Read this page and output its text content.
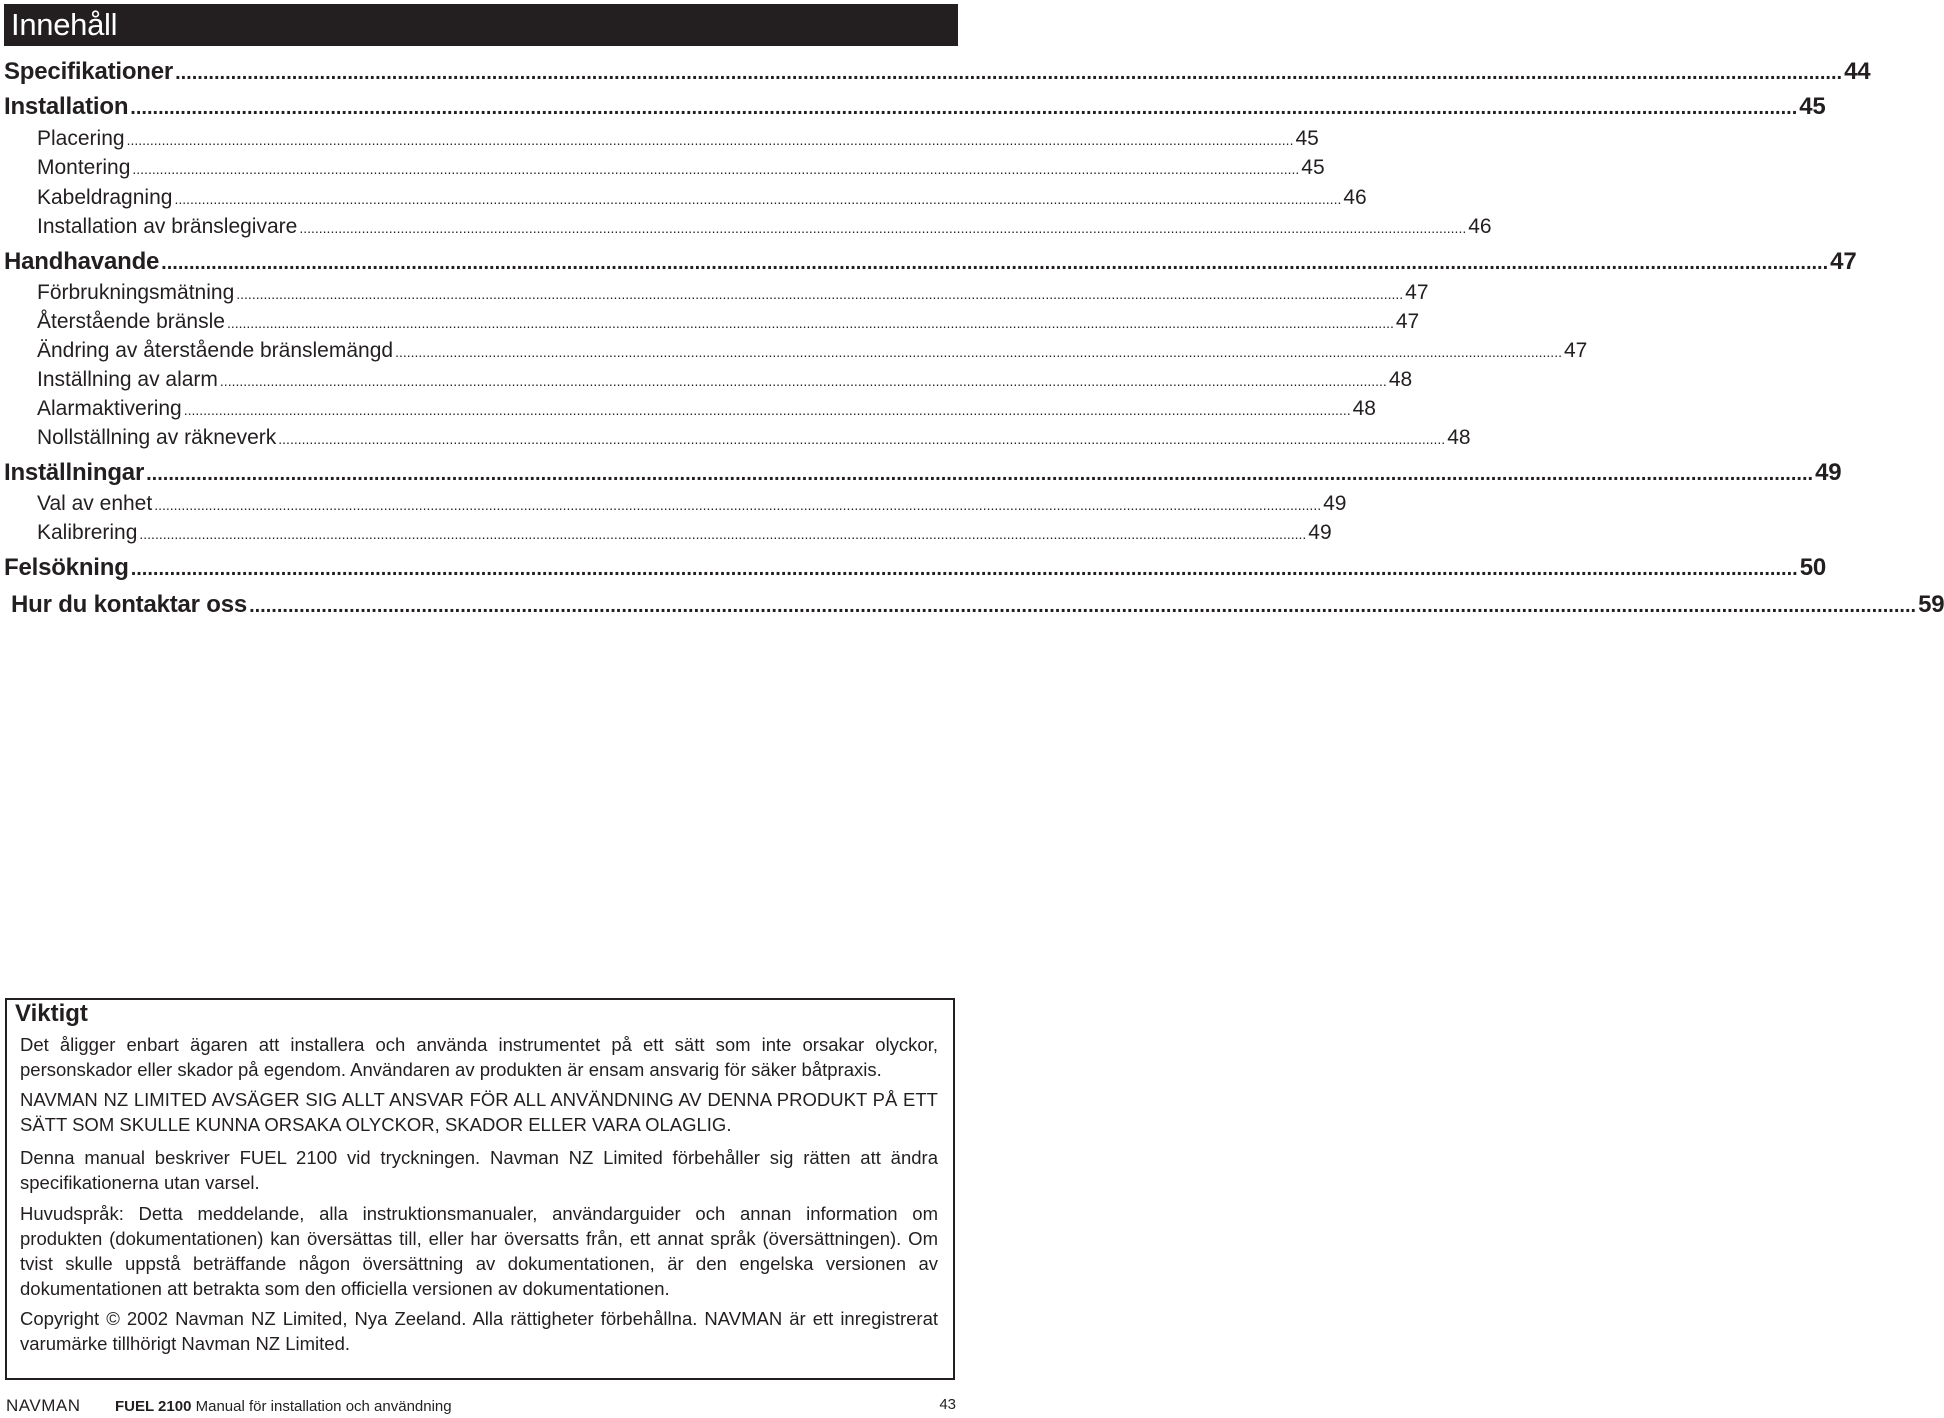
Innehåll
Specifikationer ............................................................................................................................................................................................................................................................................................................ 44
Installation ............................................................................................................................................................................................................................................................................................................ 45
Placering ............................................................................................................................................................................................................................................................................................................ 45
Montering ............................................................................................................................................................................................................................................................................................................ 45
Kabeldragning ............................................................................................................................................................................................................................................................................................................ 46
Installation av bränslegivare ............................................................................................................................................................................................................................................................................................................ 46
Handhavande ............................................................................................................................................................................................................................................................................................................ 47
Förbrukningsmätning ............................................................................................................................................................................................................................................................................................................ 47
Återstående bränsle ............................................................................................................................................................................................................................................................................................................ 47
Ändring av återstående bränslemängd ............................................................................................................................................................................................................................................................................................................ 47
Inställning av alarm ............................................................................................................................................................................................................................................................................................................ 48
Alarmaktivering ............................................................................................................................................................................................................................................................................................................ 48
Nollställning av räkneverk ............................................................................................................................................................................................................................................................................................................ 48
Inställningar ............................................................................................................................................................................................................................................................................................................ 49
Val av enhet ............................................................................................................................................................................................................................................................................................................ 49
Kalibrering ............................................................................................................................................................................................................................................................................................................ 49
Felsökning ............................................................................................................................................................................................................................................................................................................ 50
Hur du kontaktar oss ............................................................................................................................................................................................................................................................................................................ 59
Viktigt

Det åligger enbart ägaren att installera och använda instrumentet på ett sätt som inte orsakar olyckor, personskador eller skador på egendom. Användaren av produkten är ensam ansvarig för säker båtpraxis.

NAVMAN NZ LIMITED AVSÄGER SIG ALLT ANSVAR FÖR ALL ANVÄNDNING AV DENNA PRODUKT PÅ ETT SÄTT SOM SKULLE KUNNA ORSAKA OLYCKOR, SKADOR ELLER VARA OLAGLIG.

Denna manual beskriver FUEL 2100 vid tryckningen. Navman NZ Limited förbehåller sig rätten att ändra specifikationerna utan varsel.

Huvudspråk: Detta meddelande, alla instruktionsmanualer, användarguider och annan information om produkten (dokumentationen) kan översättas till, eller har översatts från, ett annat språk (översättningen). Om tvist skulle uppstå beträffande någon översättning av dokumentationen, är den engelska versionen av dokumentationen att betrakta som den officiella versionen av dokumentationen.

Copyright © 2002 Navman NZ Limited, Nya Zeeland. Alla rättigheter förbehållna. NAVMAN är ett inregistrerat varumärke tillhörigt Navman NZ Limited.

NAVMAN FUEL 2100 Manual för installation och användning	43
